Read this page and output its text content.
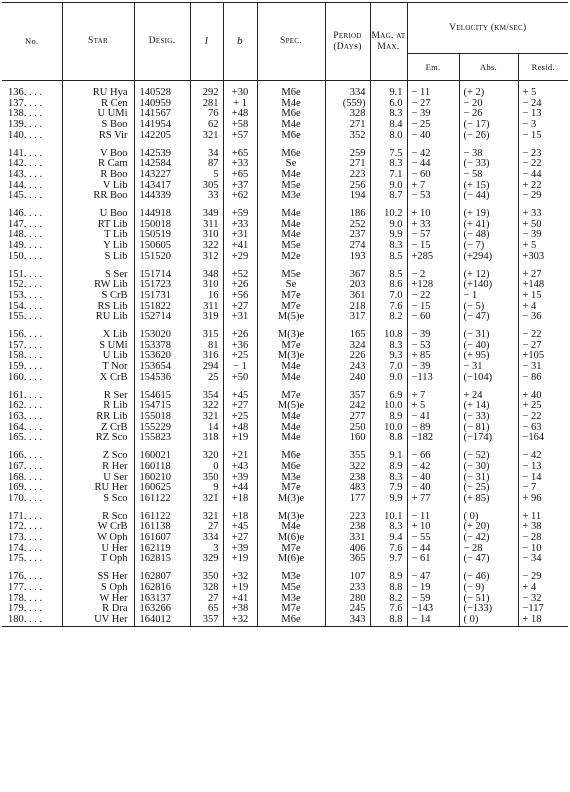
No.	Star	Desig.	l	b	Spec.	Period (Days)	Mag. at Max.	Velocity (km/sec)		
								Em.	Abs.	Resid.

136. . . .	RU Hya	140528	292	+30	M6e	334	9.1	− 11	(+ 2)	+ 5
137. . . .	R Cen	140959	281	+ 1	M4e	(559)	6.0	− 27	− 20	− 24
138. . . .	U UMi	141567	76	+48	M6e	328	8.3	− 39	− 26	− 13
139. . . .	S Boo	141954	62	+58	M4e	271	8.4	− 25	(− 17)	− 3
140. . . .	RS Vir	142205	321	+57	M6e	352	8.0	− 40	(− 26)	− 15

141. . . .	V Boo	142539	34	+65	M6e	259	7.5	− 42	− 38	− 23
142. . . .	R Cam	142584	87	+33	Se	271	8.3	− 44	(− 33)	− 22
143. . . .	R Boo	143227	5	+65	M4e	223	7.1	− 60	− 58	− 44
144. . . .	V Lib	143417	305	+37	M5e	256	9.0	+ 7	(+ 15)	+ 22
145. . . .	RR Boo	144339	33	+62	M3e	194	8.7	− 53	(− 44)	− 29

146. . . .	U Boo	144918	349	+59	M4e	186	10.2	+ 10	(+ 19)	+ 33
147. . . .	RT Lib	150018	311	+33	M4e	252	9.0	+ 33	(+ 41)	+ 50
148. . . .	T Lib	150519	310	+31	M4e	237	9.9	− 57	(− 48)	− 39
149. . . .	Y Lib	150605	322	+41	M5e	274	8.3	− 15	(− 7)	+ 5
150. . . .	S Lib	151520	312	+29	M2e	193	8.5	+285	(+294)	+303

151. . . .	S Ser	151714	348	+52	M5e	367	8.5	− 2	(+ 12)	+ 27
152. . . .	RW Lib	151723	310	+26	Se	203	8.6	+128	(+140)	+148
153. . . .	S CrB	151731	16	+56	M7e	361	7.0	− 22	− 1	+ 15
154. . . .	RS Lib	151822	311	+27	M7e	218	7.6	− 15	(− 5)	+ 4
155. . . .	RU Lib	152714	319	+31	M(5)e	317	8.2	− 60	(− 47)	− 36

156. . . .	X Lib	153020	315	+26	M(3)e	165	10.8	− 39	(− 31)	− 22
157. . . .	S UMi	153378	81	+36	M7e	324	8.3	− 53	(− 40)	− 27
158. . . .	U Lib	153620	316	+25	M(3)e	226	9.3	+ 85	(+ 95)	+105
159. . . .	T Nor	153654	294	− 1	M4e	243	7.0	− 39	− 31	− 31
160. . . .	X CrB	154536	25	+50	M4e	240	9.0	−113	(−104)	− 86

161. . . .	R Ser	154615	354	+45	M7e	357	6.9	+ 7	+ 24	+ 40
162. . . .	R Lib	154715	322	+27	M(5)e	242	10.0	+ 5	(+ 14)	+ 25
163. . . .	RR Lib	155018	321	+25	M4e	277	8.9	− 41	(− 33)	− 22
164. . . .	Z CrB	155229	14	+48	M4e	250	10.0	− 89	(− 81)	− 63
165. . . .	RZ Sco	155823	318	+19	M4e	160	8.8	−182	(−174)	−164

166. . . .	Z Sco	160021	320	+21	M6e	355	9.1	− 66	(− 52)	− 42
167. . . .	R Her	160118	0	+43	M6e	322	8.9	− 42	(− 30)	− 13
168. . . .	U Ser	160210	350	+39	M3e	238	8.3	− 40	(− 31)	− 14
169. . . .	RU Her	160625	9	+44	M7e	483	7.9	− 40	(− 25)	− 7
170. . . .	S Sco	161122	321	+18	M(3)e	177	9.9	+ 77	(+ 85)	+ 96

171. . . .	R Sco	161122	321	+18	M(3)e	223	10.1	− 11	( 0)	+ 11
172. . . .	W CrB	161138	27	+45	M4e	238	8.3	+ 10	(+ 20)	+ 38
173. . . .	W Oph	161607	334	+27	M(6)e	331	9.4	− 55	(− 42)	− 28
174. . . .	U Her	162119	3	+39	M7e	406	7.6	− 44	− 28	− 10
175. . . .	T Oph	162815	329	+19	M(6)e	365	9.7	− 61	(− 47)	− 34

176. . . .	SS Her	162807	350	+32	M3e	107	8.9	− 47	(− 46)	− 29
177. . . .	S Oph	162816	328	+19	M5e	233	8.8	− 19	(− 9)	+ 4
178. . . .	W Her	163137	27	+41	M3e	280	8.2	− 59	(− 51)	− 32
179. . . .	R Dra	163266	65	+38	M7e	245	7.6	−143	(−133)	−117
180. . . .	UV Her	164012	357	+32	M6e	343	8.8	− 14	( 0)	+ 18
